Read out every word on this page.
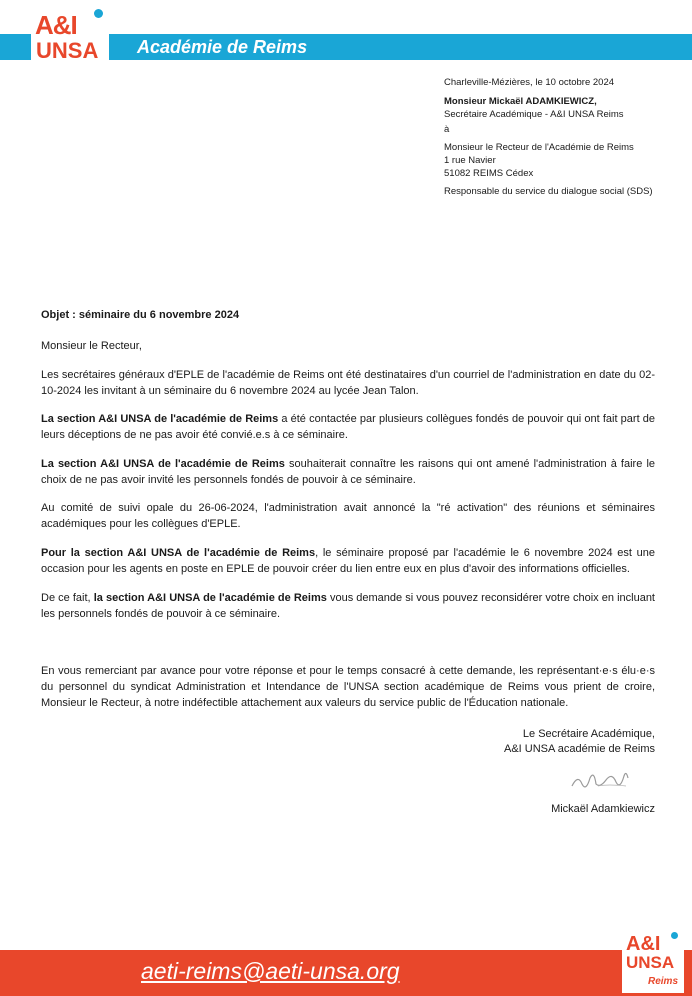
A&I
UNSA Académie de Reims
Charleville-Mézières, le 10 octobre 2024
Monsieur Mickaël ADAMKIEWICZ,
Secrétaire Académique - A&I UNSA Reims
à
Monsieur le Recteur de l'Académie de Reims
1 rue Navier
51082 REIMS Cédex
Responsable du service du dialogue social (SDS)
Objet : séminaire du 6 novembre 2024
Monsieur le Recteur,
Les secrétaires généraux d'EPLE de l'académie de Reims ont été destinataires d'un courriel de l'administration en date du 02-10-2024 les invitant à un séminaire du 6 novembre 2024 au lycée Jean Talon.
La section A&I UNSA de l'académie de Reims a été contactée par plusieurs collègues fondés de pouvoir qui ont fait part de leurs déceptions de ne pas avoir été convié.e.s à ce séminaire.
La section A&I UNSA de l'académie de Reims souhaiterait connaître les raisons qui ont amené l'administration à faire le choix de ne pas avoir invité les personnels fondés de pouvoir à ce séminaire.
Au comité de suivi opale du 26-06-2024, l'administration avait annoncé la "ré activation" des réunions et séminaires académiques pour les collègues d'EPLE.
Pour la section A&I UNSA de l'académie de Reims, le séminaire proposé par l'académie le 6 novembre 2024 est une occasion pour les agents en poste en EPLE de pouvoir créer du lien entre eux en plus d'avoir des informations officielles.
De ce fait, la section A&I UNSA de l'académie de Reims vous demande si vous pouvez reconsidérer votre choix en incluant les personnels fondés de pouvoir à ce séminaire.
En vous remerciant par avance pour votre réponse et pour le temps consacré à cette demande, les représentant·e·s élu·e·s du personnel du syndicat Administration et Intendance de l'UNSA section académique de Reims vous prient de croire, Monsieur le Recteur, à notre indéfectible attachement aux valeurs du service public de l'Éducation nationale.
Le Secrétaire Académique,
A&I UNSA académie de Reims
Mickaël Adamkiewicz
aeti-reims@aeti-unsa.org
A&I
UNSA
Reims
